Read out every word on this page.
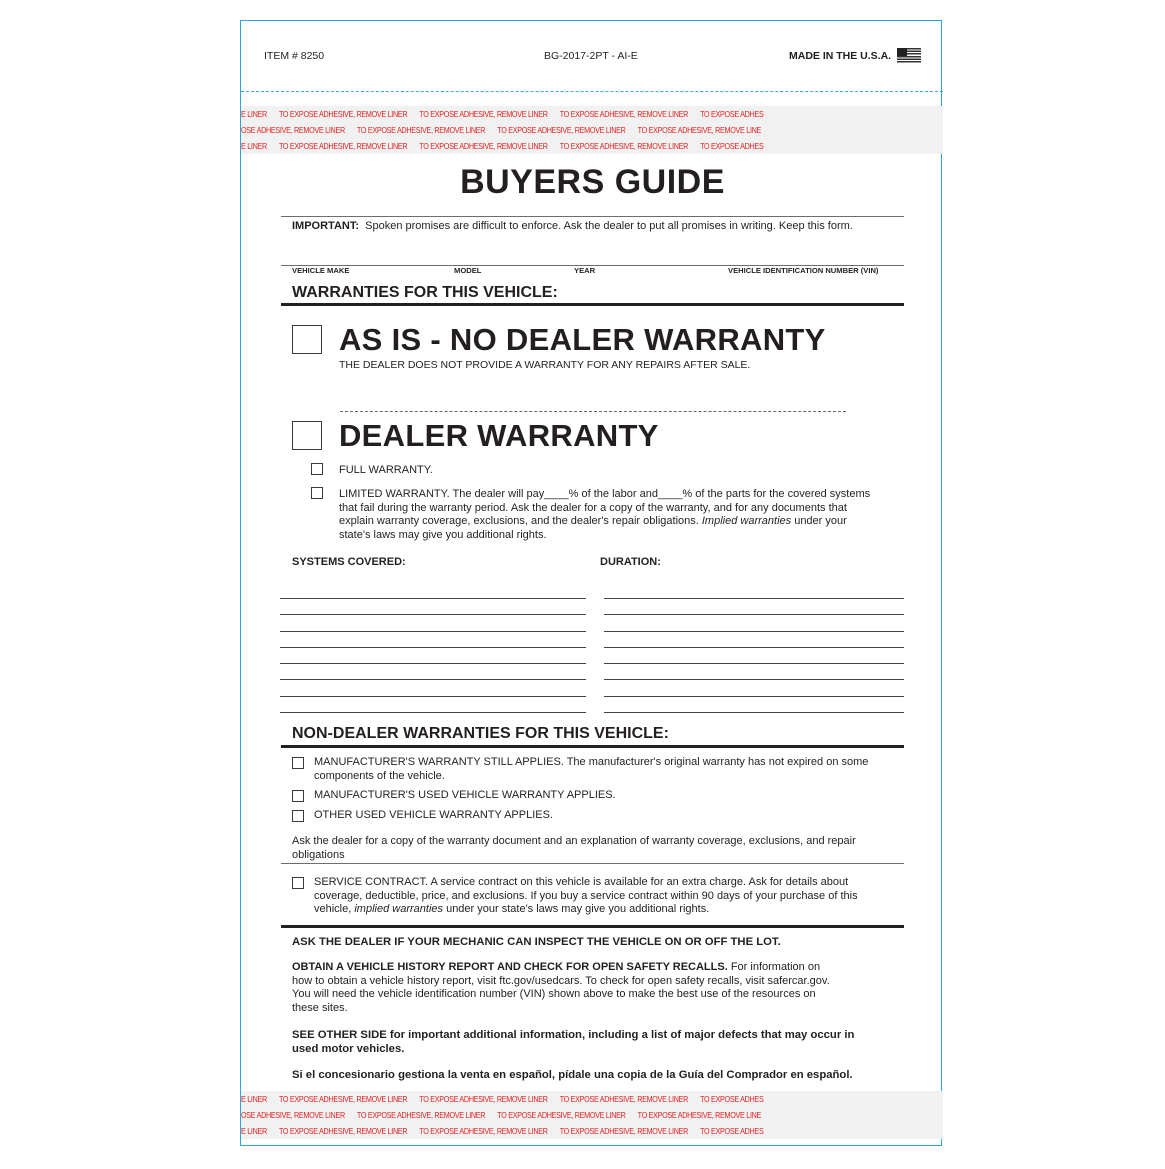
ITEM # 8250	BG-2017-2PT - AI-E	MADE IN THE U.S.A.
E LINER TO EXPOSE ADHESIVE, REMOVE LINER TO EXPOSE ADHESIVE, REMOVE LINER TO EXPOSE ADHESIVE, REMOVE LINER TO EXPOSE ADHES
OSE ADHESIVE, REMOVE LINER TO EXPOSE ADHESIVE, REMOVE LINER TO EXPOSE ADHESIVE, REMOVE LINER TO EXPOSE ADHESIVE, REMOVE LINE
E LINER TO EXPOSE ADHESIVE, REMOVE LINER TO EXPOSE ADHESIVE, REMOVE LINER TO EXPOSE ADHESIVE, REMOVE LINER TO EXPOSE ADHES
BUYERS GUIDE
IMPORTANT: Spoken promises are difficult to enforce. Ask the dealer to put all promises in writing. Keep this form.
VEHICLE MAKE	MODEL	YEAR	VEHICLE IDENTIFICATION NUMBER (VIN)
WARRANTIES FOR THIS VEHICLE:
AS IS - NO DEALER WARRANTY
THE DEALER DOES NOT PROVIDE A WARRANTY FOR ANY REPAIRS AFTER SALE.
DEALER WARRANTY
FULL WARRANTY.
LIMITED WARRANTY. The dealer will pay____% of the labor and____% of the parts for the covered systems
that fail during the warranty period. Ask the dealer for a copy of the warranty, and for any documents that
explain warranty coverage, exclusions, and the dealer's repair obligations. Implied warranties under your
state's laws may give you additional rights.
SYSTEMS COVERED:	DURATION:
NON-DEALER WARRANTIES FOR THIS VEHICLE:
MANUFACTURER'S WARRANTY STILL APPLIES. The manufacturer's original warranty has not expired on some
components of the vehicle.
MANUFACTURER'S USED VEHICLE WARRANTY APPLIES.
OTHER USED VEHICLE WARRANTY APPLIES.
Ask the dealer for a copy of the warranty document and an explanation of warranty coverage, exclusions, and repair
obligations
SERVICE CONTRACT. A service contract on this vehicle is available for an extra charge. Ask for details about
coverage, deductible, price, and exclusions. If you buy a service contract within 90 days of your purchase of this
vehicle, implied warranties under your state's laws may give you additional rights.
ASK THE DEALER IF YOUR MECHANIC CAN INSPECT THE VEHICLE ON OR OFF THE LOT.
OBTAIN A VEHICLE HISTORY REPORT AND CHECK FOR OPEN SAFETY RECALLS. For information on
how to obtain a vehicle history report, visit ftc.gov/usedcars. To check for open safety recalls, visit safercar.gov.
You will need the vehicle identification number (VIN) shown above to make the best use of the resources on
these sites.
SEE OTHER SIDE for important additional information, including a list of major defects that may occur in
used motor vehicles.
Si el concesionario gestiona la venta en español, pídale una copia de la Guía del Comprador en español.
E LINER TO EXPOSE ADHESIVE, REMOVE LINER TO EXPOSE ADHESIVE, REMOVE LINER TO EXPOSE ADHESIVE, REMOVE LINER TO EXPOSE ADHES
OSE ADHESIVE, REMOVE LINER TO EXPOSE ADHESIVE, REMOVE LINER TO EXPOSE ADHESIVE, REMOVE LINER TO EXPOSE ADHESIVE, REMOVE LINE
E LINER TO EXPOSE ADHESIVE, REMOVE LINER TO EXPOSE ADHESIVE, REMOVE LINER TO EXPOSE ADHESIVE, REMOVE LINER TO EXPOSE ADHES
